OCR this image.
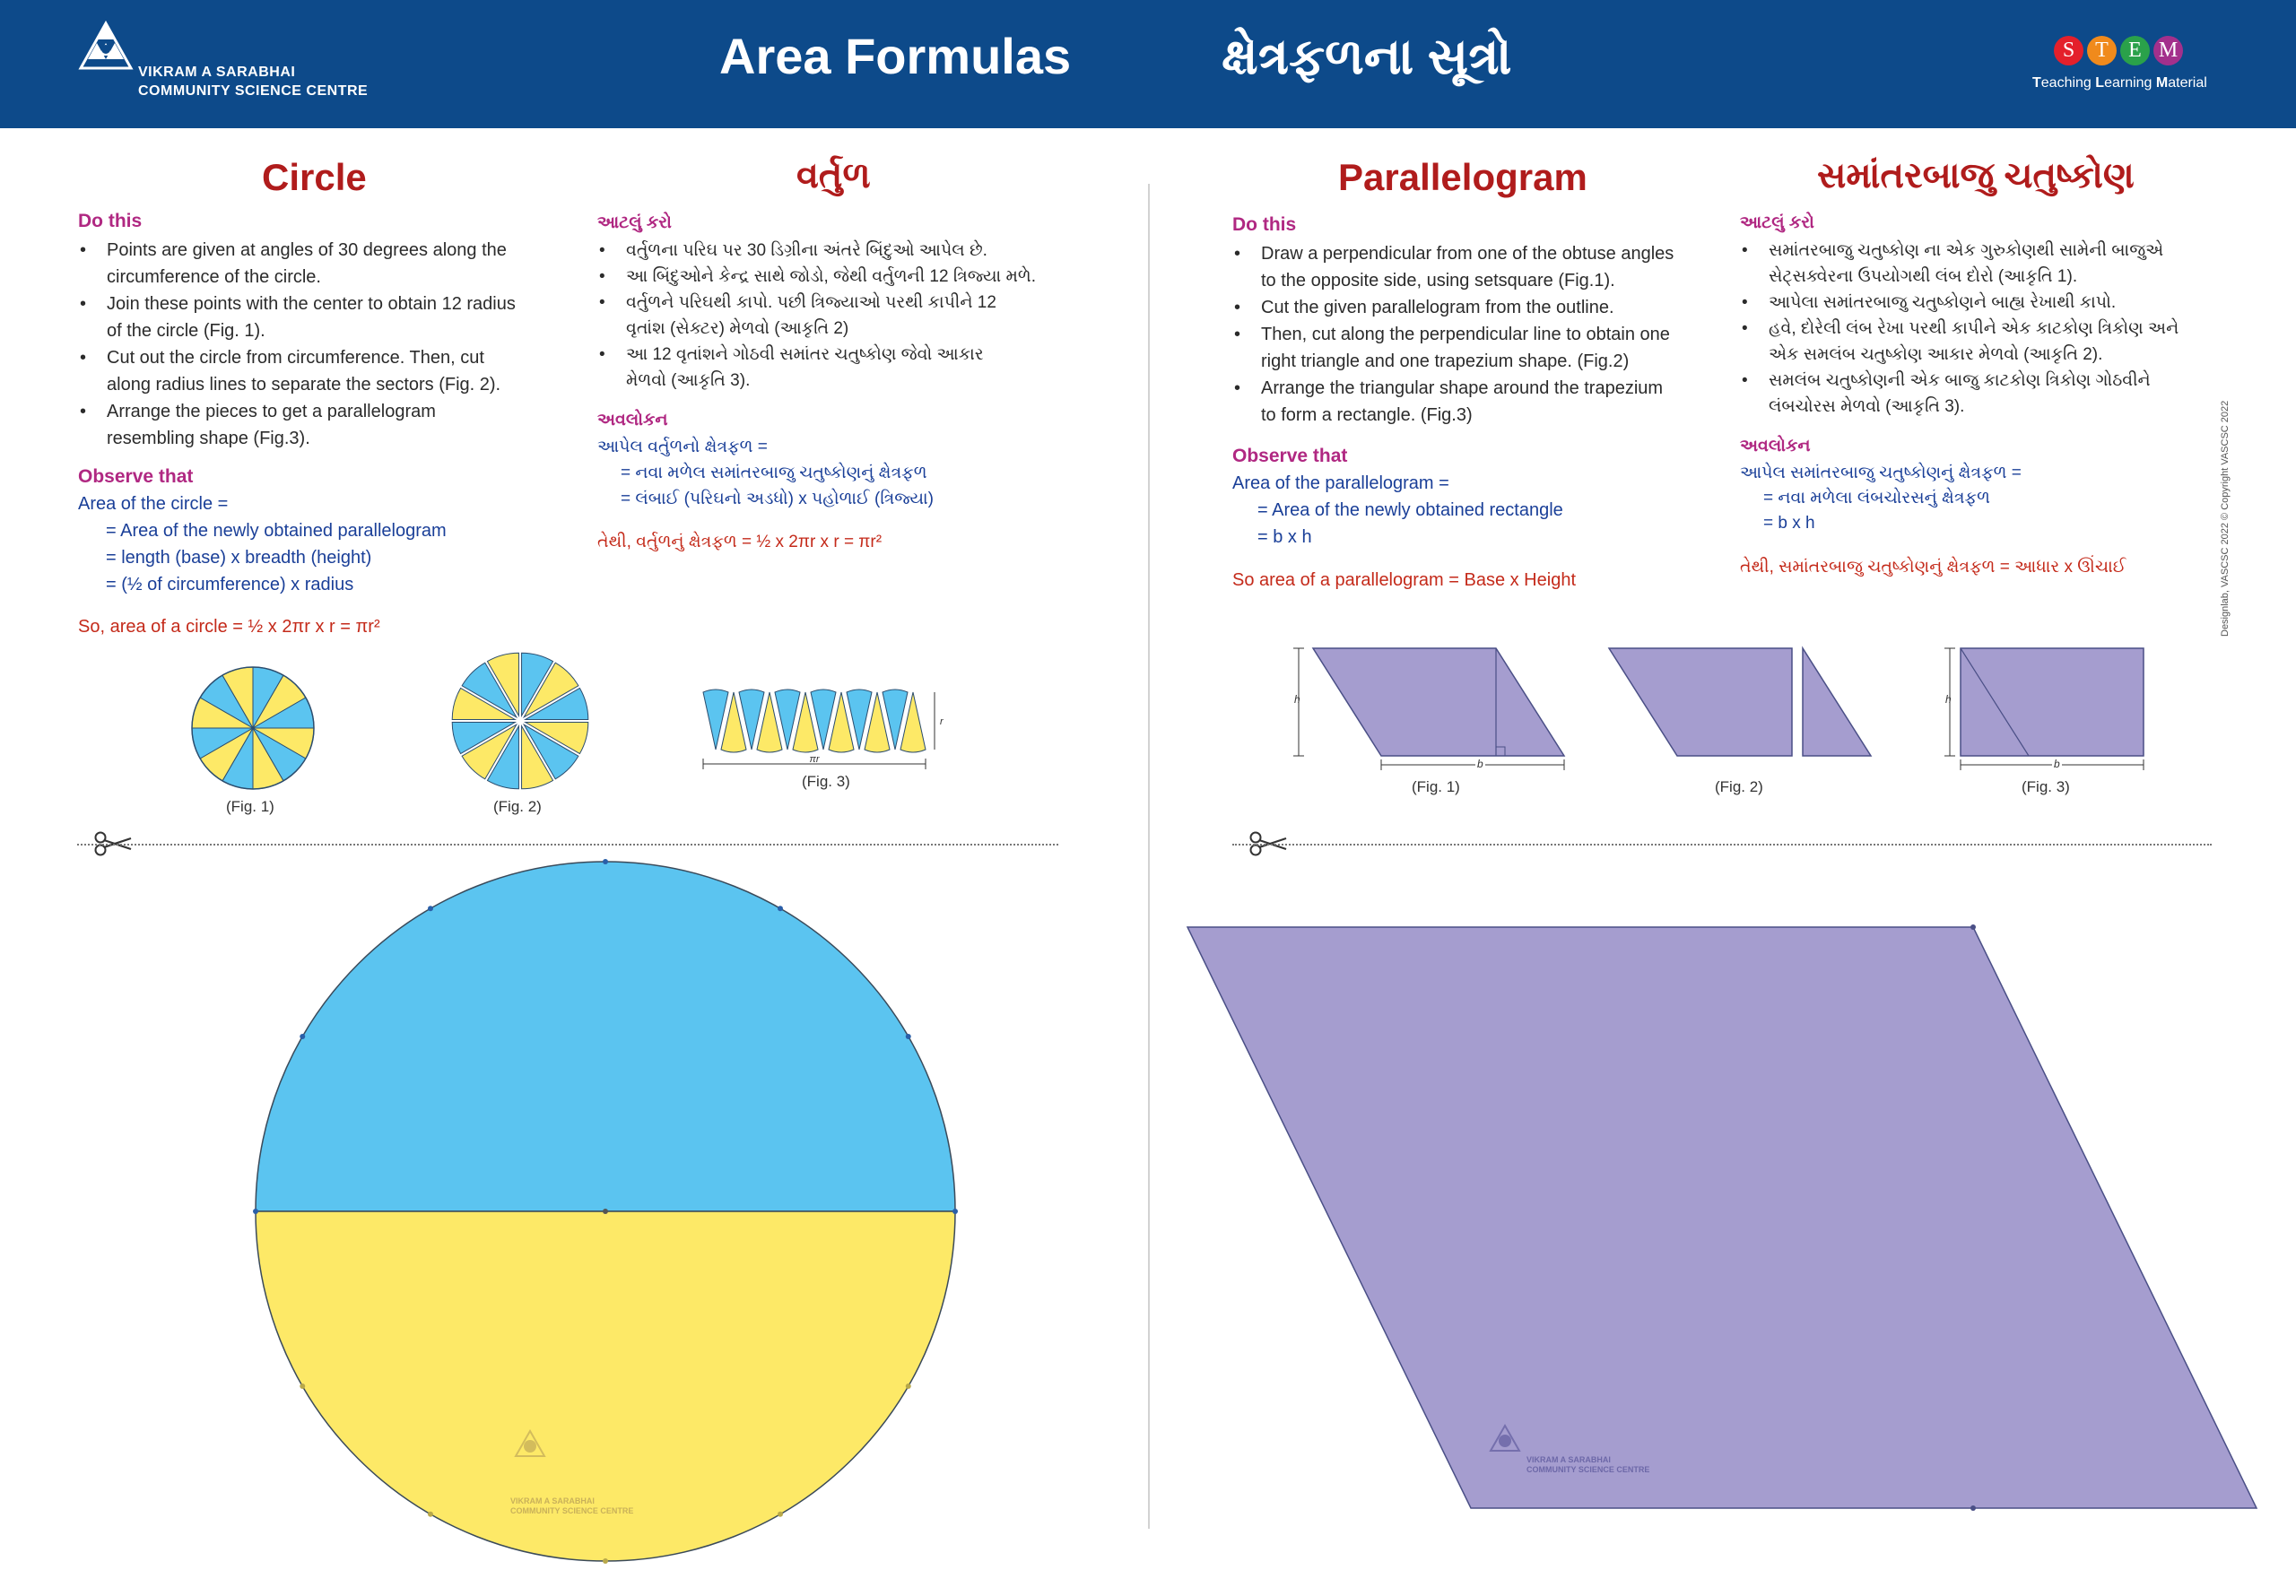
VIKRAM A SARABHAI
COMMUNITY SCIENCE CENTRE
Area Formulas	ક્ષેત્રફળના સૂત્રો	S T E M
Teaching Learning Material
Circle	વર્તુળ
Do this
• Points are given at angles of 30 degrees along the
circumference of the circle.
• Join these points with the center to obtain 12 radius
of the circle (Fig. 1).
• Cut out the circle from circumference. Then, cut
along radius lines to separate the sectors (Fig. 2).
• Arrange the pieces to get a parallelogram
resembling shape (Fig.3).
Observe that
Area of the circle =
= Area of the newly obtained parallelogram
= length (base) x breadth (height)
= (½ of circumference) x radius
So, area of a circle = ½ x 2πr x r = πr²
આટલું કરો
• વર્તુળના પરિઘ પર 30 ડિગ્રીના અંતરે બિંદુઓ આપેલ છે.
• આ બિંદુઓને કેન્દ્ર સાથે જોડો, જેથી વર્તુળની 12 ત્રિજ્યા મળે.
• વર્તુળને પરિઘથી કાપો. પછી ત્રિજ્યાઓ પરથી કાપીને 12
વૃતાંશ (સેક્ટર) મેળવો (આકૃતિ 2)
• આ 12 વૃતાંશને ગોઠવી સમાંતર ચતુષ્કોણ જેવો આકાર
મેળવો (આકૃતિ 3).
અવલોકન
આપેલ વર્તુળનો ક્ષેત્રફળ =
= નવા મળેલ સમાંતરબાજુ ચતુષ્કોણનું ક્ષેત્રફળ
= લંબાઈ (પરિઘનો અડધો) x પહોળાઈ (ત્રિજ્યા)
તેથી, વર્તુળનું ક્ષેત્રફળ = ½ x 2πr x r = πr²
(Fig. 1)	(Fig. 2)
πr
r
(Fig. 3)
Parallelogram	સમાંતરબાજુ ચતુષ્કોણ
Do this
• Draw a perpendicular from one of the obtuse angles
to the opposite side, using setsquare (Fig.1).
• Cut the given parallelogram from the outline.
• Then, cut along the perpendicular line to obtain one
right triangle and one trapezium shape. (Fig.2)
• Arrange the triangular shape around the trapezium
to form a rectangle. (Fig.3)
Observe that
Area of the parallelogram =
= Area of the newly obtained rectangle
= b x h
So area of a parallelogram = Base x Height
આટલું કરો
• સમાંતરબાજુ ચતુષ્કોણ ના એક ગુરુકોણથી સામેની બાજુએ
સેટ્સક્વેરના ઉપયોગથી લંબ દોરો (આકૃતિ 1).
• આપેલા સમાંતરબાજુ ચતુષ્કોણને બાહ્ય રેખાથી કાપો.
• હવે, દોરેલી લંબ રેખા પરથી કાપીને એક કાટકોણ ત્રિકોણ અને
એક સમલંબ ચતુષ્કોણ આકાર મેળવો (આકૃતિ 2).
• સમલંબ ચતુષ્કોણની એક બાજુ કાટકોણ ત્રિકોણ ગોઠવીને
લંબચોરસ મેળવો (આકૃતિ 3).
અવલોકન
આપેલ સમાંતરબાજુ ચતુષ્કોણનું ક્ષેત્રફળ =
= નવા મળેલા લંબચોરસનું ક્ષેત્રફળ
= b x h
તેથી, સમાંતરબાજુ ચતુષ્કોણનું ક્ષેત્રફળ = આધાર x ઊંચાઈ
h
b
(Fig. 1)	(Fig. 2)
h
b
(Fig. 3)
VIKRAM A SARABHAI
COMMUNITY SCIENCE CENTRE
VIKRAM A SARABHAI
COMMUNITY SCIENCE CENTRE
Designlab, VASCSC 2022 © Copyright VASCSC 2022
